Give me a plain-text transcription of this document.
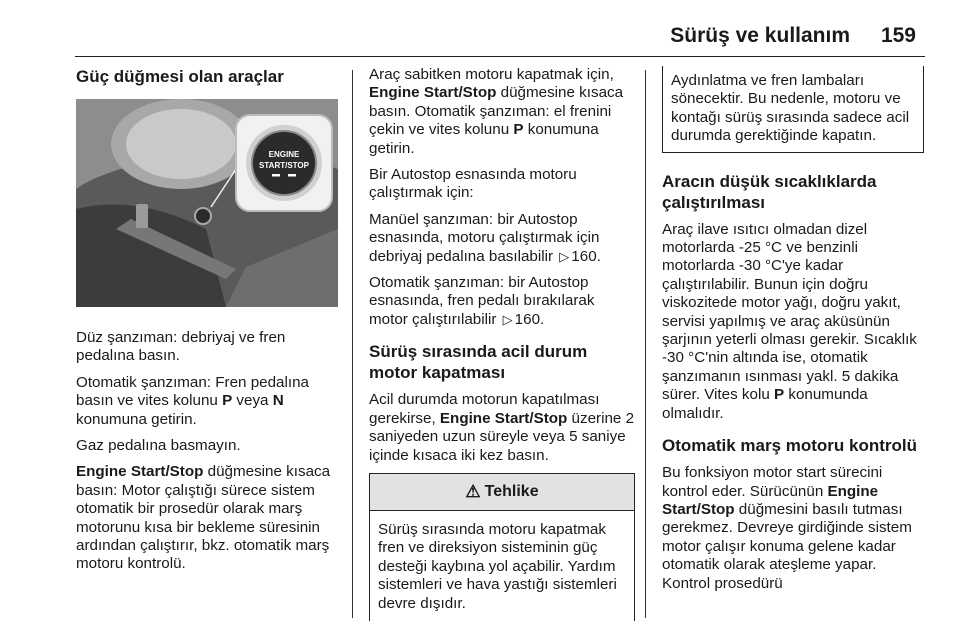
Sürüş ve kullanım 159
Güç düğmesi olan araçlar
ENGINE
START/STOP

Düz şanzıman: debriyaj ve fren pedalına basın.

Otomatik şanzıman: Fren pedalına basın ve vites kolunu P veya N konumuna getirin.

Gaz pedalına basmayın.

Engine Start/Stop düğmesine kısaca basın: Motor çalıştığı sürece sistem otomatik bir prosedür olarak marş motorunu kısa bir bekleme süresinin ardından çalıştırır, bkz. otomatik marş motoru kontrolü.

Araç sabitken motoru kapatmak için, Engine Start/Stop düğmesine kısaca basın. Otomatik şanzıman: el frenini çekin ve vites kolunu P konumuna getirin.

Bir Autostop esnasında motoru çalıştırmak için:

Manüel şanzıman: bir Autostop esnasında, motoru çalıştırmak için debriyaj pedalına basılabilir ▷ 160.

Otomatik şanzıman: bir Autostop esnasında, fren pedalı bırakılarak motor çalıştırılabilir ▷ 160.

Sürüş sırasında acil durum motor kapatması

Acil durumda motorun kapatılması gerekirse, Engine Start/Stop üzerine 2 saniyeden uzun süreyle veya 5 saniye içinde kısaca iki kez basın.

⚠ Tehlike
Sürüş sırasında motoru kapatmak fren ve direksiyon sisteminin güç desteği kaybına yol açabilir. Yardım sistemleri ve hava yastığı sistemleri devre dışıdır.
Aydınlatma ve fren lambaları sönecektir. Bu nedenle, motoru ve kontağı sürüş sırasında sadece acil durumda gerektiğinde kapatın.
Aracın düşük sıcaklıklarda çalıştırılması

Araç ilave ısıtıcı olmadan dizel motorlarda -25 °C ve benzinli motorlarda -30 °C'ye kadar çalıştırılabilir. Bunun için doğru viskozitede motor yağı, doğru yakıt, servisi yapılmış ve araç aküsünün şarjının yeterli olması gerekir. Sıcaklık -30 °C'nin altında ise, otomatik şanzımanın ısınması yakl. 5 dakika sürer. Vites kolu P konumunda olmalıdır.

Otomatik marş motoru kontrolü

Bu fonksiyon motor start sürecini kontrol eder. Sürücünün Engine Start/Stop düğmesini basılı tutması gerekmez. Devreye girdiğinde sistem motor çalışır konuma gelene kadar otomatik olarak ateşleme yapar. Kontrol prosedürü
